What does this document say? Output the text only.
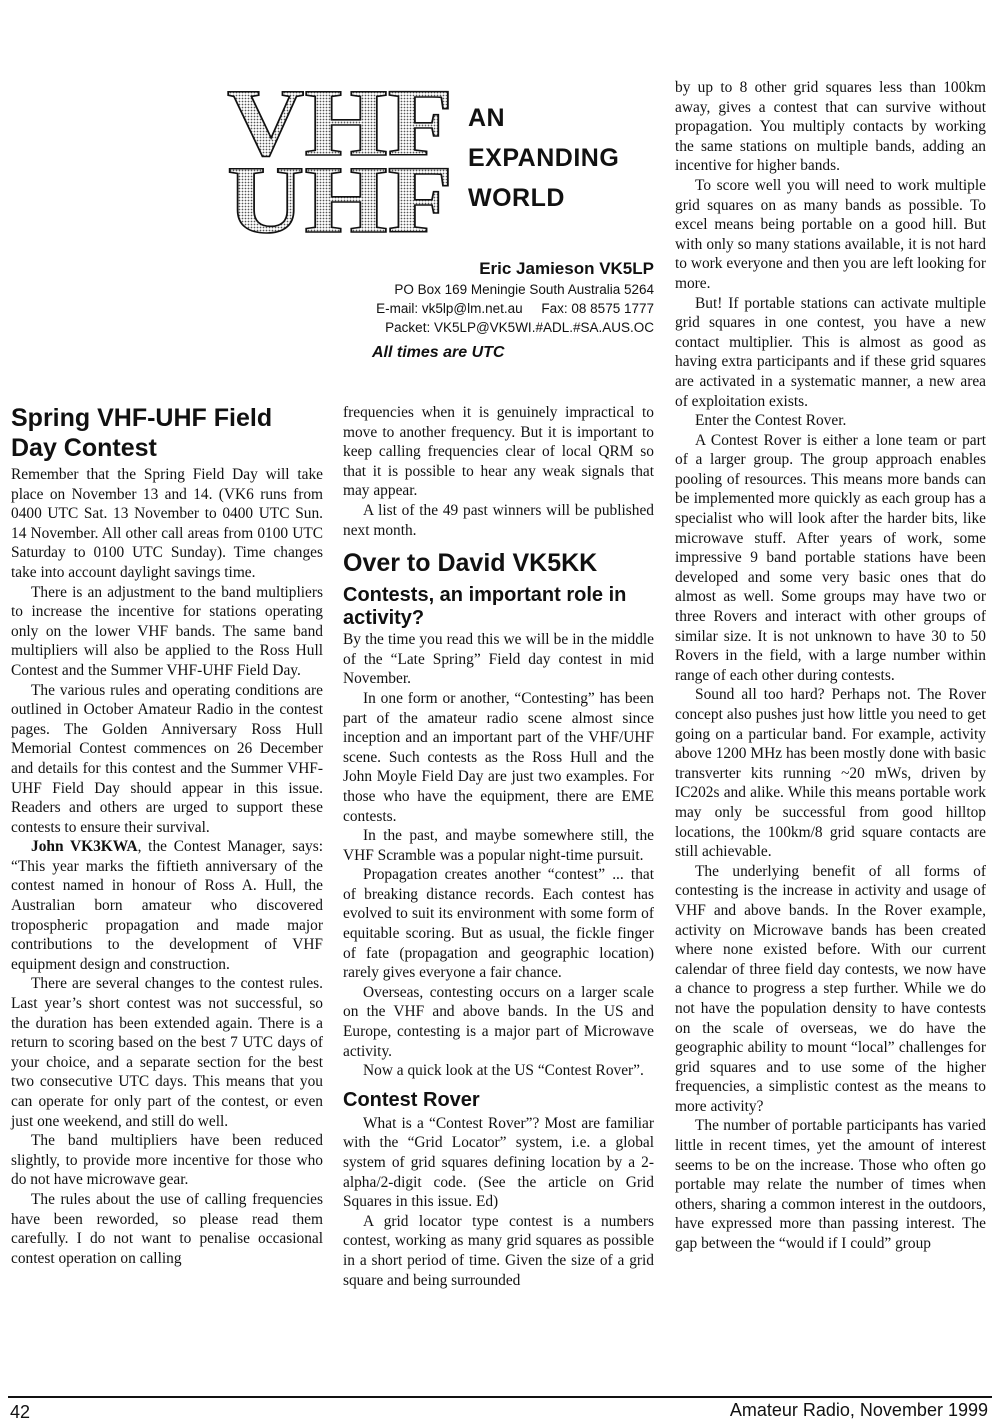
VHF
UHF
AN
EXPANDING
WORLD
Eric Jamieson VK5LP
PO Box 169 Meningie South Australia 5264
E-mail: vk5lp@lm.net.au Fax: 08 8575 1777
Packet: VK5LP@VK5WI.#ADL.#SA.AUS.OC
All times are UTC
Spring VHF-UHF Field
Day Contest

Remember that the Spring Field Day will take place on November 13 and 14. (VK6 runs from 0400 UTC Sat. 13 November to 0400 UTC Sun. 14 November. All other call areas from 0100 UTC Saturday to 0100 UTC Sunday). Time changes take into account daylight savings time.

There is an adjustment to the band multipliers to increase the incentive for stations operating only on the lower VHF bands. The same band multipliers will also be applied to the Ross Hull Contest and the Summer VHF-UHF Field Day.

The various rules and operating conditions are outlined in October Amateur Radio in the contest pages. The Golden Anniversary Ross Hull Memorial Contest commences on 26 December and details for this contest and the Summer VHF-UHF Field Day should appear in this issue. Readers and others are urged to support these contests to ensure their survival.

John VK3KWA, the Contest Manager, says: “This year marks the fiftieth anniversary of the contest named in honour of Ross A. Hull, the Australian born amateur who discovered tropospheric propagation and made major contributions to the development of VHF equipment design and construction.

There are several changes to the contest rules. Last year’s short contest was not successful, so the duration has been extended again. There is a return to scoring based on the best 7 UTC days of your choice, and a separate section for the best two consecutive UTC days. This means that you can operate for only part of the contest, or even just one weekend, and still do well.

The band multipliers have been reduced slightly, to provide more incentive for those who do not have microwave gear.

The rules about the use of calling frequencies have been reworded, so please read them carefully. I do not want to penalise occasional contest operation on calling

frequencies when it is genuinely impractical to move to another frequency. But it is important to keep calling frequencies clear of local QRM so that it is possible to hear any weak signals that may appear.

A list of the 49 past winners will be published next month.

Over to David VK5KK
Contests, an important role in activity?

By the time you read this we will be in the middle of the “Late Spring” Field day contest in mid November.

In one form or another, “Contesting” has been part of the amateur radio scene almost since inception and an important part of the VHF/UHF scene. Such contests as the Ross Hull and the John Moyle Field Day are just two examples. For those who have the equipment, there are EME contests.

In the past, and maybe somewhere still, the VHF Scramble was a popular night-time pursuit.

Propagation creates another “contest” ... that of breaking distance records. Each contest has evolved to suit its environment with some form of equitable scoring. But as usual, the fickle finger of fate (propagation and geographic location) rarely gives everyone a fair chance.

Overseas, contesting occurs on a larger scale on the VHF and above bands. In the US and Europe, contesting is a major part of Microwave activity.

Now a quick look at the US “Contest Rover”.

Contest Rover

What is a “Contest Rover”? Most are familiar with the “Grid Locator” system, i.e. a global system of grid squares defining location by a 2-alpha/2-digit code. (See the article on Grid Squares in this issue. Ed)

A grid locator type contest is a numbers contest, working as many grid squares as possible in a short period of time. Given the size of a grid square and being surrounded

by up to 8 other grid squares less than 100km away, gives a contest that can survive without propagation. You multiply contacts by working the same stations on multiple bands, adding an incentive for higher bands.

To score well you will need to work multiple grid squares on as many bands as possible. To excel means being portable on a good hill. But with only so many stations available, it is not hard to work everyone and then you are left looking for more.

But! If portable stations can activate multiple grid squares in one contest, you have a new contact multiplier. This is almost as good as having extra participants and if these grid squares are activated in a systematic manner, a new area of exploitation exists.

Enter the Contest Rover.

A Contest Rover is either a lone team or part of a larger group. The group approach enables pooling of resources. This means more bands can be implemented more quickly as each group has a specialist who will look after the harder bits, like microwave stuff. After years of work, some impressive 9 band portable stations have been developed and some very basic ones that do almost as well. Some groups may have two or three Rovers and interact with other groups of similar size. It is not unknown to have 30 to 50 Rovers in the field, with a large number within range of each other during contests.

Sound all too hard? Perhaps not. The Rover concept also pushes just how little you need to get going on a particular band. For example, activity above 1200 MHz has been mostly done with basic transverter kits running ~20 mWs, driven by IC202s and alike. While this means portable work may only be successful from good hilltop locations, the 100km/8 grid square contacts are still achievable.

The underlying benefit of all forms of contesting is the increase in activity and usage of VHF and above bands. In the Rover example, activity on Microwave bands has been created where none existed before. With our current calendar of three field day contests, we now have a chance to progress a step further. While we do not have the population density to have contests on the scale of overseas, we do have the geographic ability to mount “local” challenges for grid squares and to use some of the higher frequencies, a simplistic contest as the means to more activity?

The number of portable participants has varied little in recent times, yet the amount of interest seems to be on the increase. Those who often go portable may relate the number of times when others, sharing a common interest in the outdoors, have expressed more than passing interest. The gap between the “would if I could” group

42	Amateur Radio, November 1999
